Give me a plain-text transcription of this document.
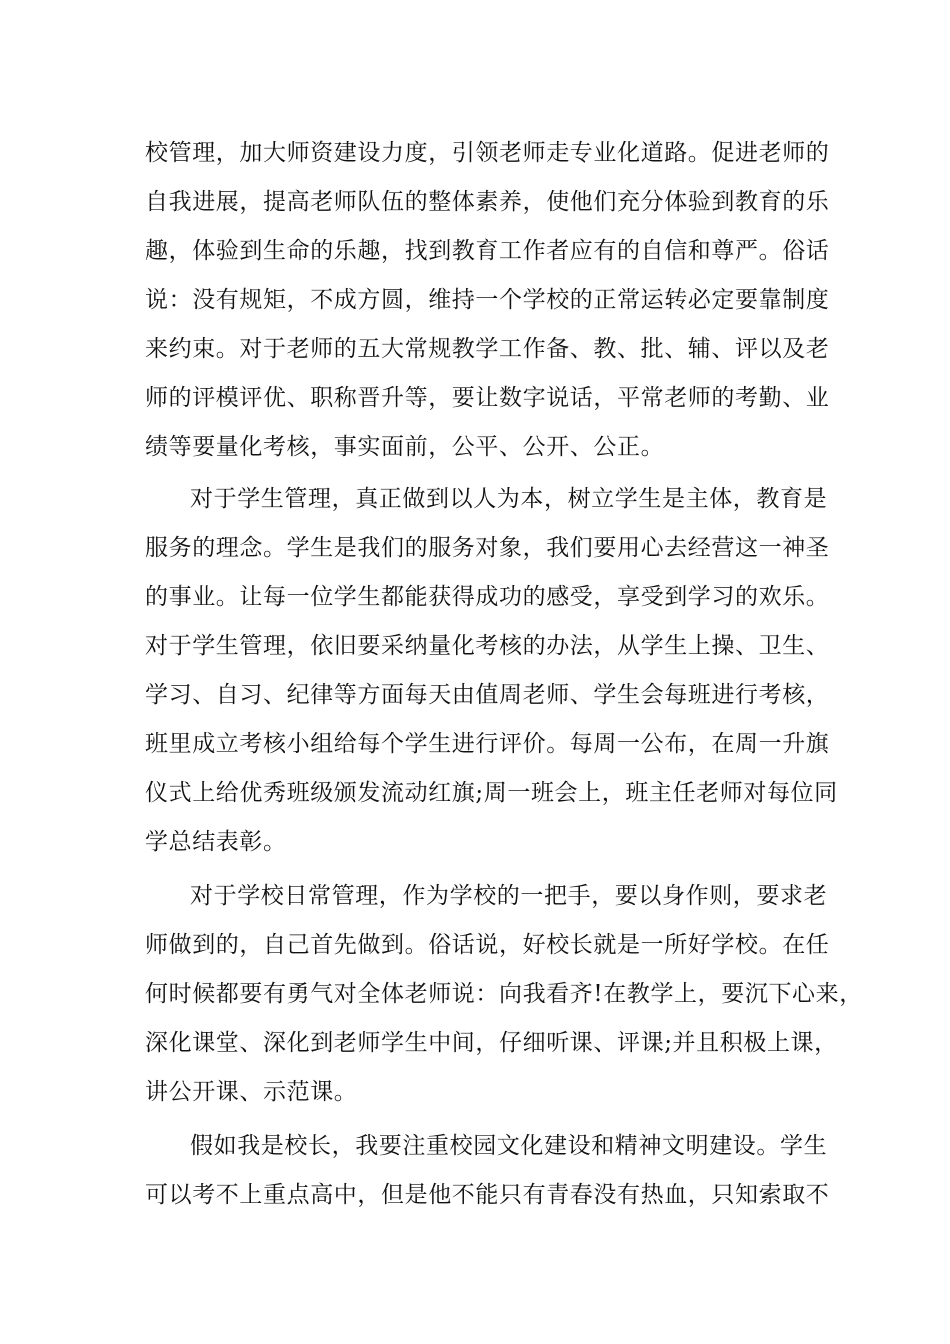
校管理，加大师资建设力度，引领老师走专业化道路。促进老师的
自我进展，提高老师队伍的整体素养，使他们充分体验到教育的乐
趣，体验到生命的乐趣，找到教育工作者应有的自信和尊严。俗话
说：没有规矩，不成方圆，维持一个学校的正常运转必定要靠制度
来约束。对于老师的五大常规教学工作备、教、批、辅、评以及老
师的评模评优、职称晋升等，要让数字说话，平常老师的考勤、业
绩等要量化考核，事实面前，公平、公开、公正。
对于学生管理，真正做到以人为本，树立学生是主体，教育是
服务的理念。学生是我们的服务对象，我们要用心去经营这一神圣
的事业。让每一位学生都能获得成功的感受，享受到学习的欢乐。
对于学生管理，依旧要采纳量化考核的办法，从学生上操、卫生、
学习、自习、纪律等方面每天由值周老师、学生会每班进行考核，
班里成立考核小组给每个学生进行评价。每周一公布，在周一升旗
仪式上给优秀班级颁发流动红旗;周一班会上，班主任老师对每位同
学总结表彰。
对于学校日常管理，作为学校的一把手，要以身作则，要求老
师做到的，自己首先做到。俗话说，好校长就是一所好学校。在任
何时候都要有勇气对全体老师说：向我看齐!在教学上，要沉下心来，
深化课堂、深化到老师学生中间，仔细听课、评课;并且积极上课，
讲公开课、示范课。
假如我是校长，我要注重校园文化建设和精神文明建设。学生
可以考不上重点高中，但是他不能只有青春没有热血，只知索取不
